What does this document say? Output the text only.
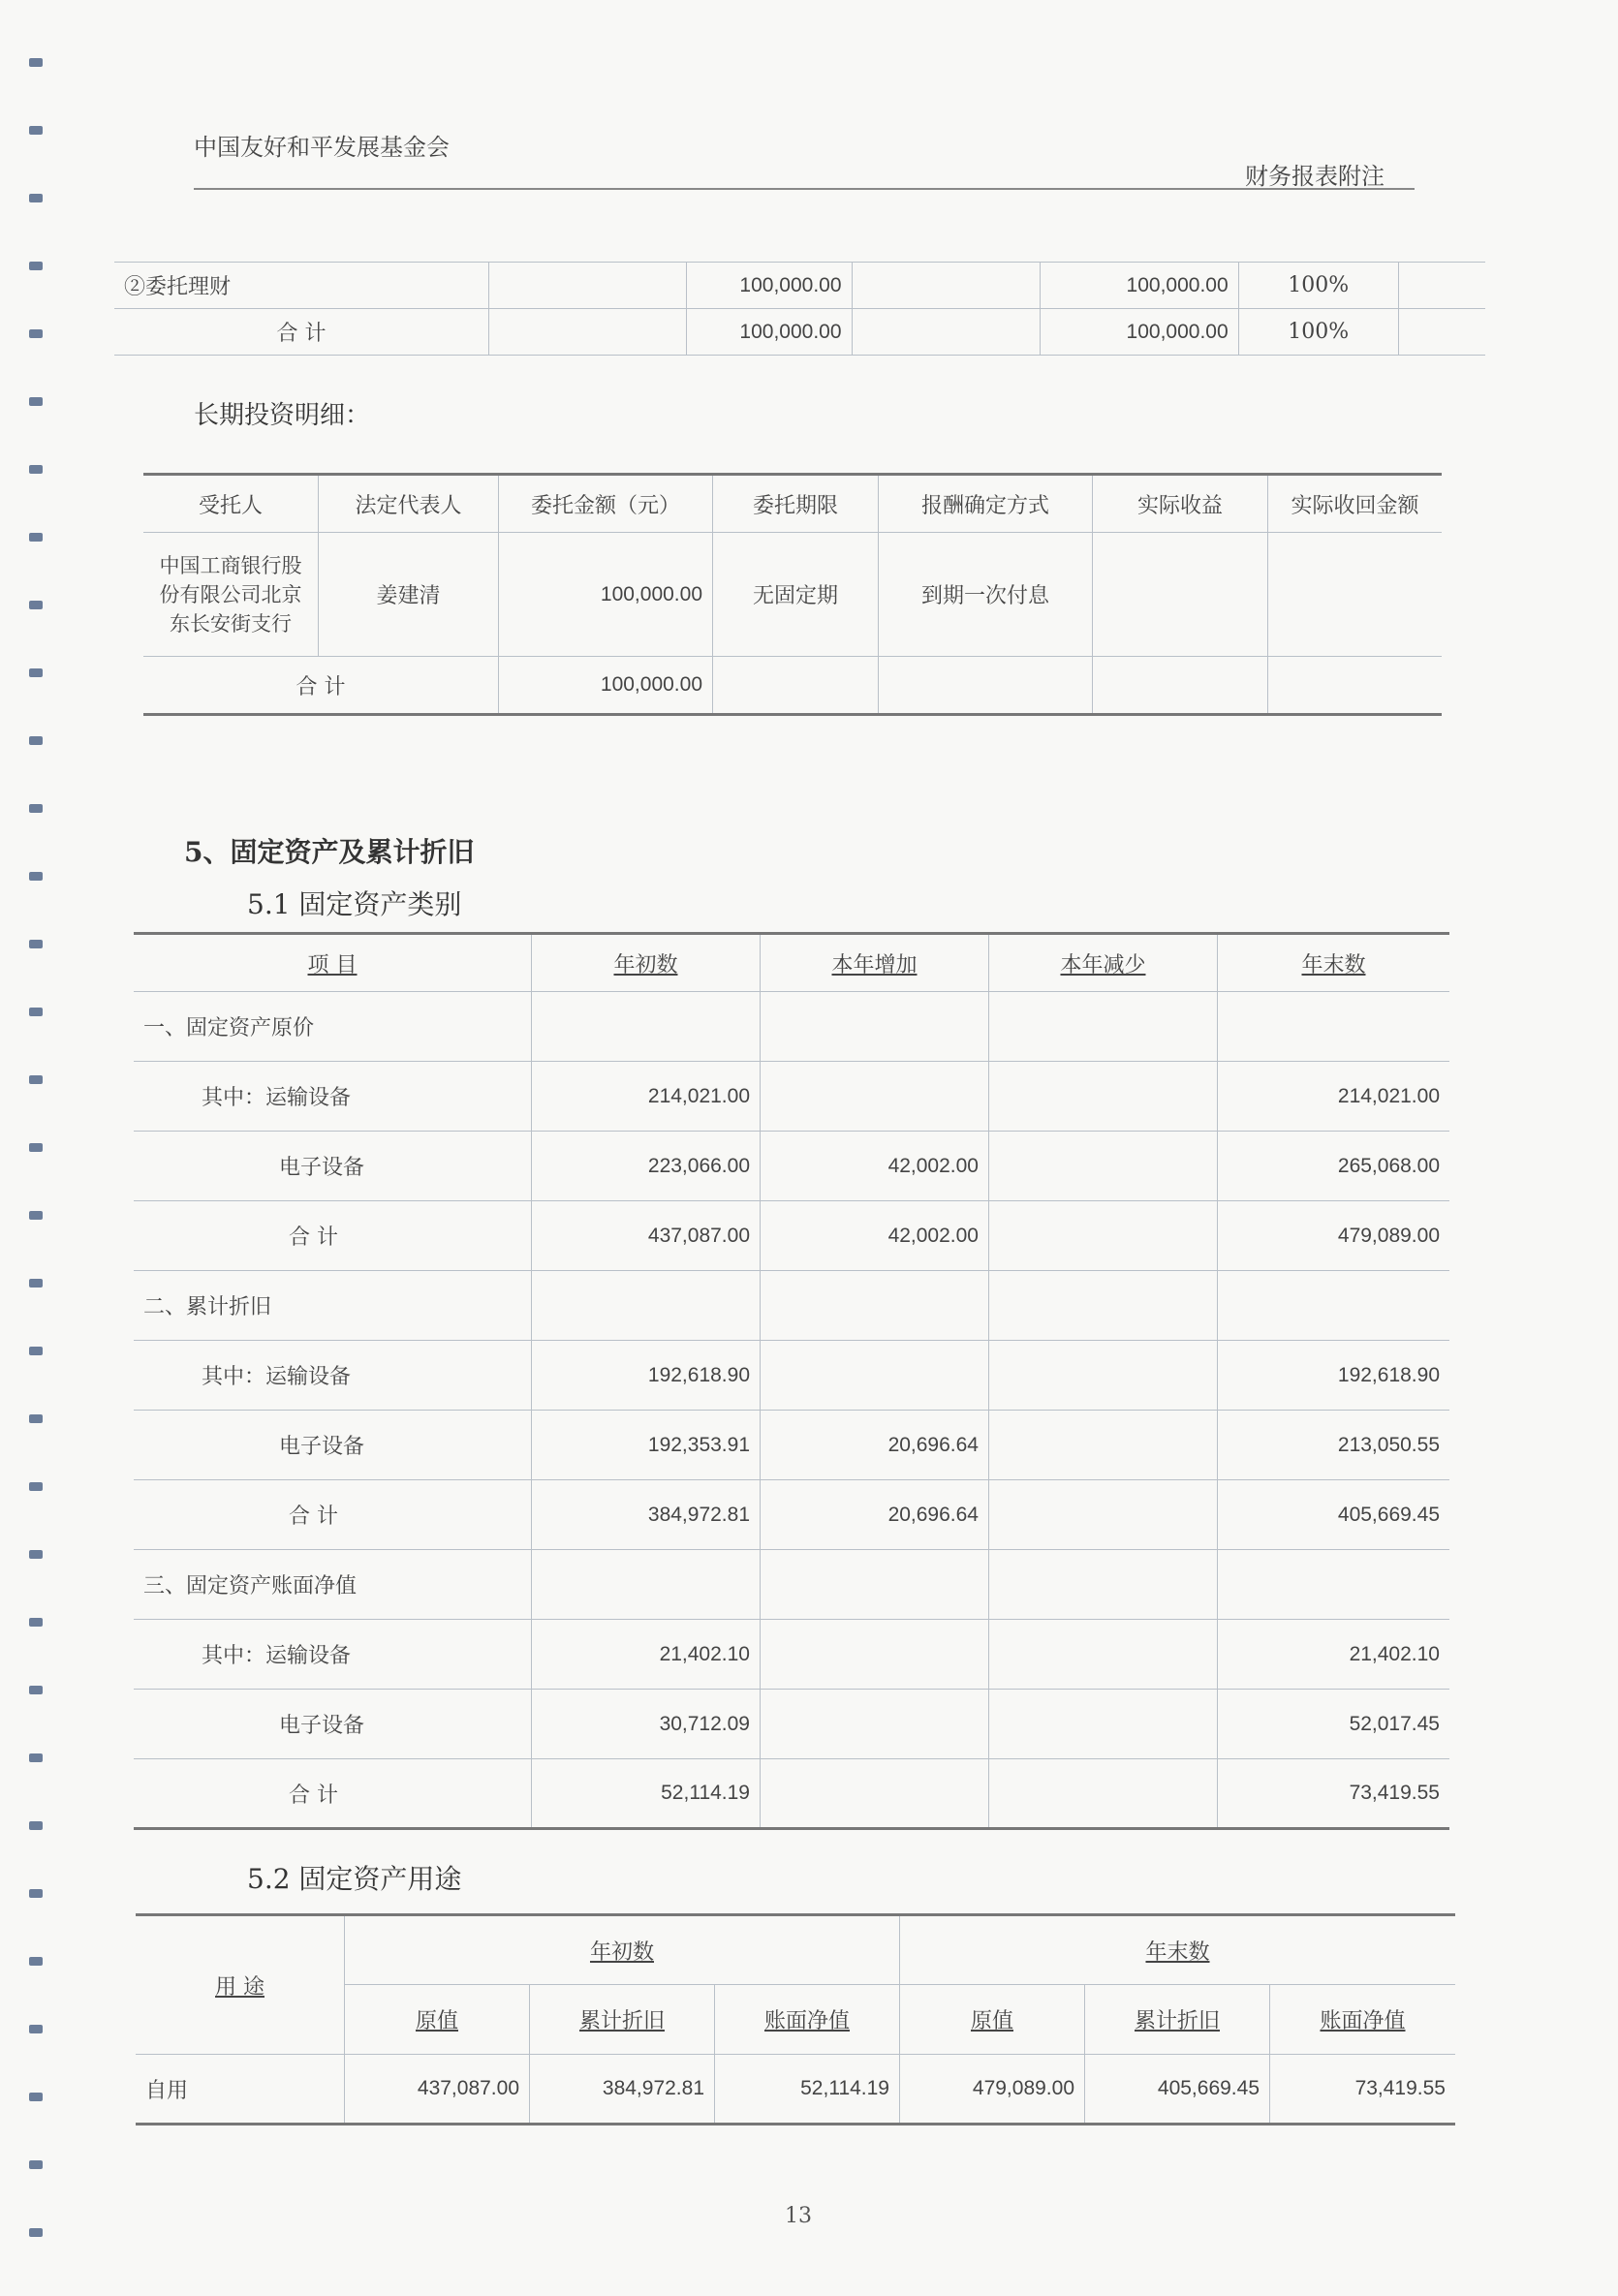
中国友好和平发展基金会
财务报表附注
②委托理财		100,000.00		100,000.00	100%	
合 计		100,000.00		100,000.00	100%	
长期投资明细：
受托人	法定代表人	委托金额（元）	委托期限	报酬确定方式	实际收益	实际收回金额
中国工商银行股份有限公司北京东长安街支行	姜建清	100,000.00	无固定期	到期一次付息		
合 计		100,000.00				
5、固定资产及累计折旧
5.1 固定资产类别
项 目	年初数	本年增加	本年减少	年末数
一、固定资产原价				
其中：运输设备	214,021.00			214,021.00
电子设备	223,066.00	42,002.00		265,068.00
合 计	437,087.00	42,002.00		479,089.00
二、累计折旧				
其中：运输设备	192,618.90			192,618.90
电子设备	192,353.91	20,696.64		213,050.55
合 计	384,972.81	20,696.64		405,669.45
三、固定资产账面净值				
其中：运输设备	21,402.10			21,402.10
电子设备	30,712.09			52,017.45
合 计	52,114.19			73,419.55
5.2 固定资产用途
用 途	年初数			年末数		
	原值	累计折旧	账面净值	原值	累计折旧	账面净值
自用	437,087.00	384,972.81	52,114.19	479,089.00	405,669.45	73,419.55
13
